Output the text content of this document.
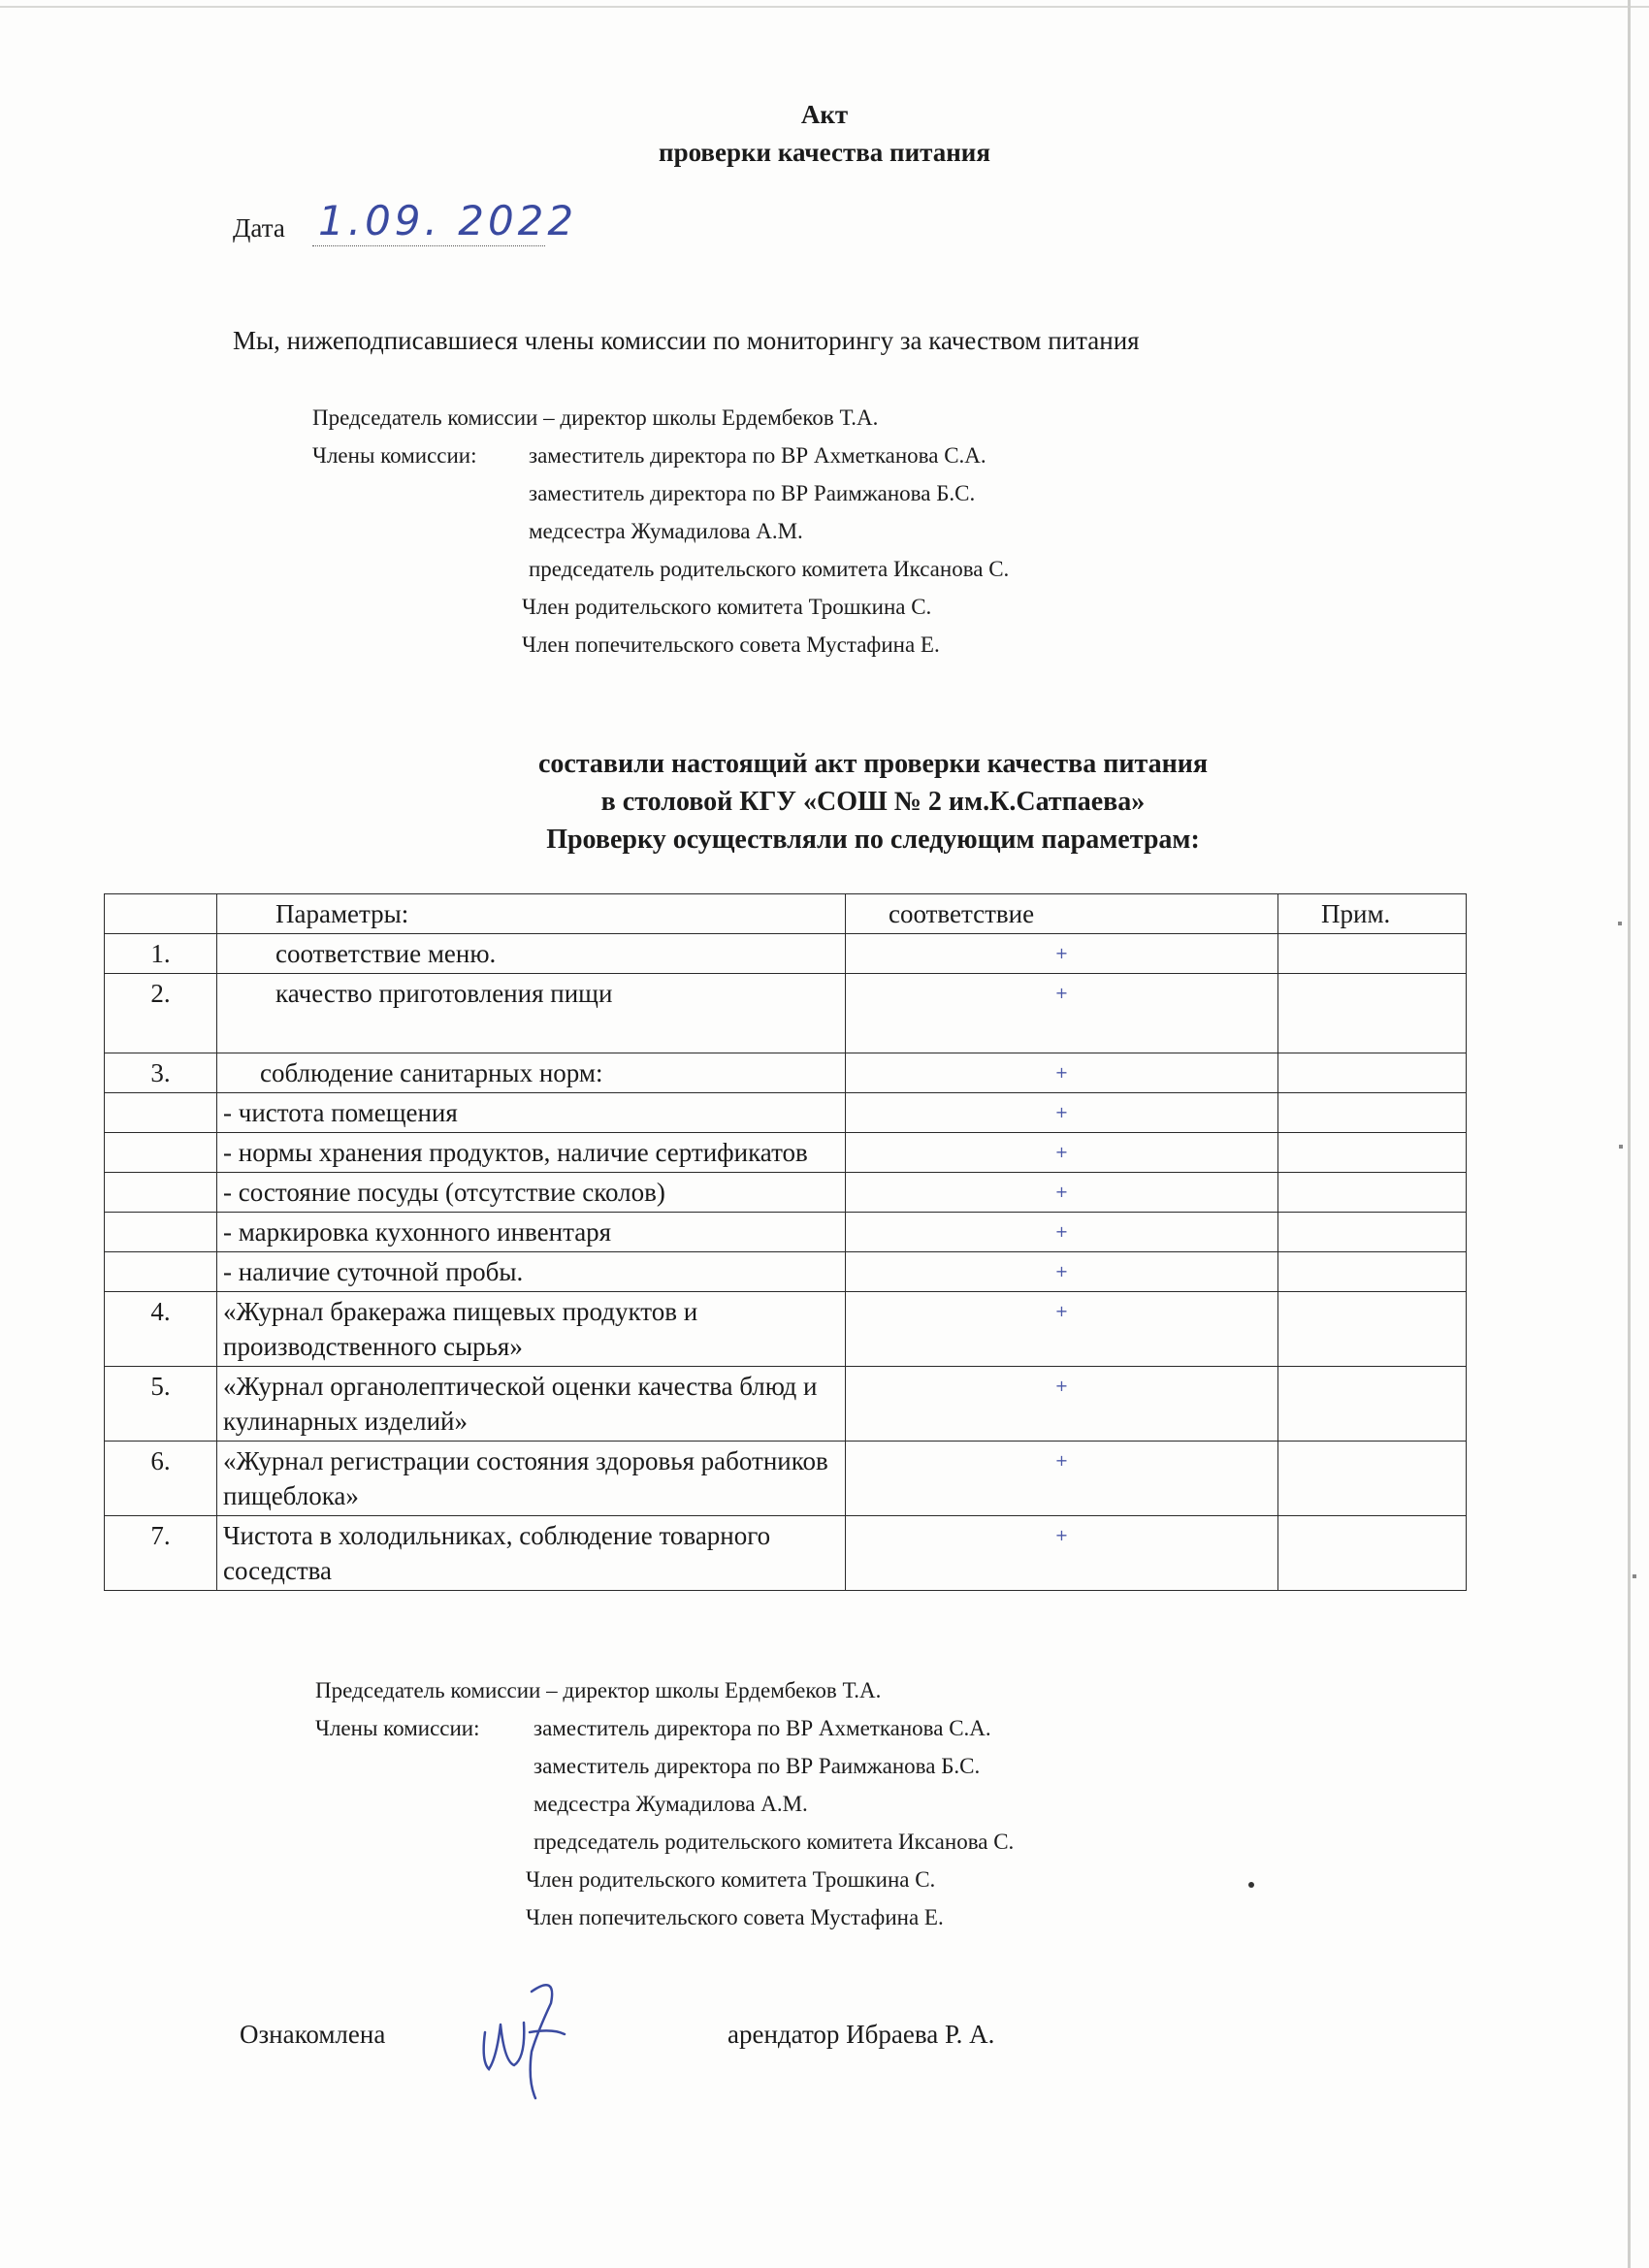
Акт
проверки качества питания
Дата 1.09. 2022
Мы, нижеподписавшиеся члены комиссии по мониторингу за качеством питания
Председатель комиссии – директор школы Ердембеков Т.А.
Члены комиссии: заместитель директора по ВР Ахметканова С.А.
заместитель директора по ВР Раимжанова Б.С.
медсестра Жумадилова А.М.
председатель родительского комитета Иксанова С.
Член родительского комитета Трошкина С.
Член попечительского совета Мустафина Е.
составили настоящий акт проверки качества питания
в столовой КГУ «СОШ № 2 им.К.Сатпаева»
Проверку осуществляли по следующим параметрам:
	Параметры:	соответствие	Прим.
1.	соответствие меню.	+	
2.	качество приготовления пищи	+	
3.	соблюдение санитарных норм:	+	
	- чистота помещения	+	
	- нормы хранения продуктов, наличие сертификатов	+	
	- состояние посуды (отсутствие сколов)	+	
	- маркировка кухонного инвентаря	+	
	- наличие суточной пробы.	+	
4.	«Журнал бракеража пищевых продуктов и производственного сырья»	+	
5.	«Журнал органолептической оценки качества блюд и кулинарных изделий»	+	
6.	«Журнал регистрации состояния здоровья работников пищеблока»	+	
7.	Чистота в холодильниках, соблюдение товарного соседства	+	
Председатель комиссии – директор школы Ердембеков Т.А.
Члены комиссии: заместитель директора по ВР Ахметканова С.А.
заместитель директора по ВР Раимжанова Б.С.
медсестра Жумадилова А.М.
председатель родительского комитета Иксанова С.
Член родительского комитета Трошкина С.
Член попечительского совета Мустафина Е.
Ознакомлена	арендатор Ибраева Р. А.
